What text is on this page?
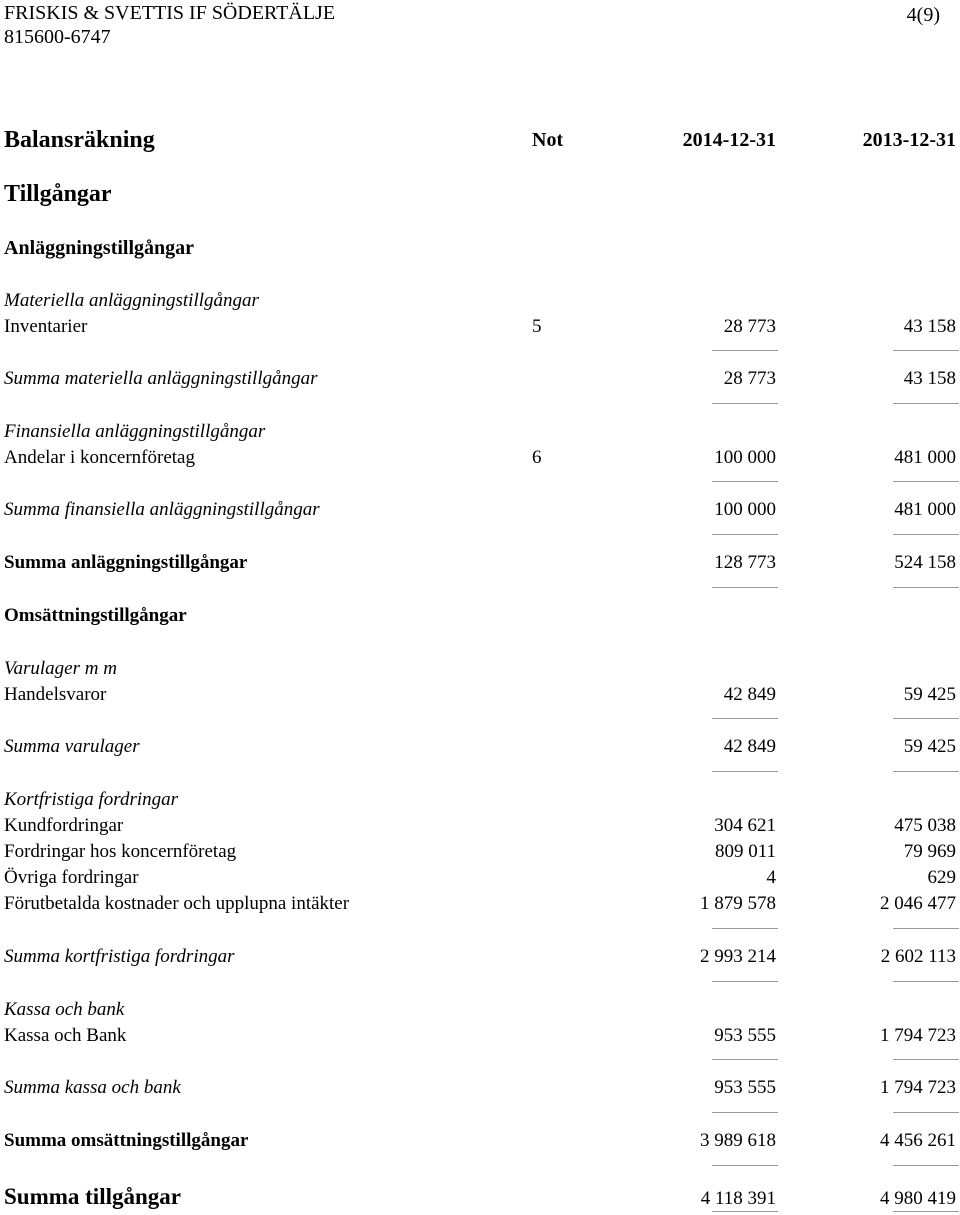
FRISKIS & SVETTIS IF SÖDERTÄLJE
815600-6747
4(9)
Balansräkning	Not	2014-12-31	2013-12-31
Tillgångar
Anläggningstillgångar
Materiella anläggningstillgångar
Inventarier	5	28 773	43 158
Summa materiella anläggningstillgångar	28 773	43 158
Finansiella anläggningstillgångar
Andelar i koncernföretag	6	100 000	481 000
Summa finansiella anläggningstillgångar	100 000	481 000
Summa anläggningstillgångar	128 773	524 158
Omsättningstillgångar
Varulager m m
Handelsvaror	42 849	59 425
Summa varulager	42 849	59 425
Kortfristiga fordringar
Kundfordringar	304 621	475 038
Fordringar hos koncernföretag	809 011	79 969
Övriga fordringar	4	629
Förutbetalda kostnader och upplupna intäkter	1 879 578	2 046 477
Summa kortfristiga fordringar	2 993 214	2 602 113
Kassa och bank
Kassa och Bank	953 555	1 794 723
Summa kassa och bank	953 555	1 794 723
Summa omsättningstillgångar	3 989 618	4 456 261
Summa tillgångar	4 118 391	4 980 419
